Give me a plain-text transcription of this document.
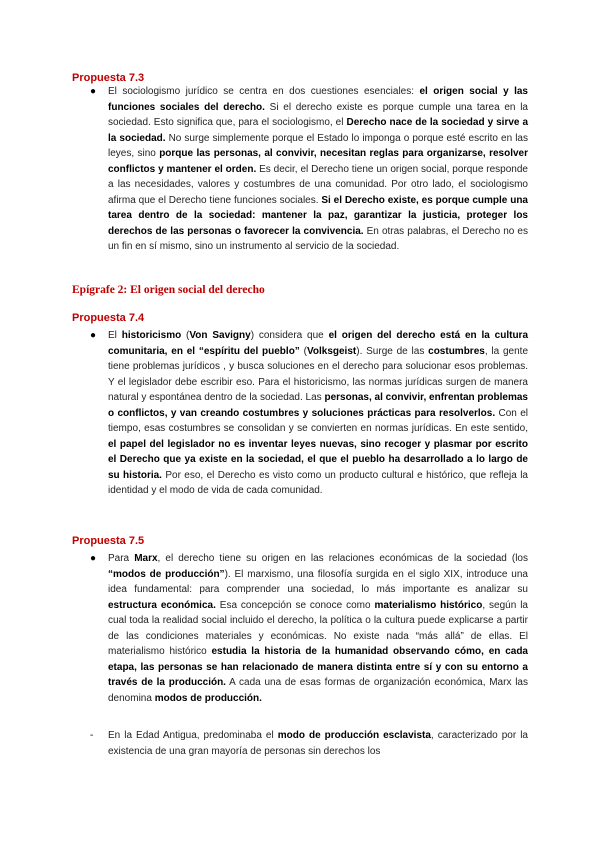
Propuesta 7.3
● El sociologismo jurídico se centra en dos cuestiones esenciales: el origen social y las funciones sociales del derecho. Si el derecho existe es porque cumple una tarea en la sociedad. Esto significa que, para el sociologismo, el Derecho nace de la sociedad y sirve a la sociedad. No surge simplemente porque el Estado lo imponga o porque esté escrito en las leyes, sino porque las personas, al convivir, necesitan reglas para organizarse, resolver conflictos y mantener el orden. Es decir, el Derecho tiene un origen social, porque responde a las necesidades, valores y costumbres de una comunidad. Por otro lado, el sociologismo afirma que el Derecho tiene funciones sociales. Si el Derecho existe, es porque cumple una tarea dentro de la sociedad: mantener la paz, garantizar la justicia, proteger los derechos de las personas o favorecer la convivencia. En otras palabras, el Derecho no es un fin en sí mismo, sino un instrumento al servicio de la sociedad.

Epígrafe 2: El origen social del derecho
Propuesta 7.4
● El historicismo (Von Savigny) considera que el origen del derecho está en la cultura comunitaria, en el “espíritu del pueblo” (Volksgeist). Surge de las costumbres, la gente tiene problemas jurídicos , y busca soluciones en el derecho para solucionar esos problemas. Y el legislador debe escribir eso. Para el historicismo, las normas jurídicas surgen de manera natural y espontánea dentro de la sociedad. Las personas, al convivir, enfrentan problemas o conflictos, y van creando costumbres y soluciones prácticas para resolverlos. Con el tiempo, esas costumbres se consolidan y se convierten en normas jurídicas. En este sentido, el papel del legislador no es inventar leyes nuevas, sino recoger y plasmar por escrito el Derecho que ya existe en la sociedad, el que el pueblo ha desarrollado a lo largo de su historia. Por eso, el Derecho es visto como un producto cultural e histórico, que refleja la identidad y el modo de vida de cada comunidad.

Propuesta 7.5
● Para Marx, el derecho tiene su origen en las relaciones económicas de la sociedad (los “modos de producción”). El marxismo, una filosofía surgida en el siglo XIX, introduce una idea fundamental: para comprender una sociedad, lo más importante es analizar su estructura económica. Esa concepción se conoce como materialismo histórico, según la cual toda la realidad social incluido el derecho, la política o la cultura puede explicarse a partir de las condiciones materiales y económicas. No existe nada “más allá” de ellas. El materialismo histórico estudia la historia de la humanidad observando cómo, en cada etapa, las personas se han relacionado de manera distinta entre sí y con su entorno a través de la producción. A cada una de esas formas de organización económica, Marx las denomina modos de producción.

- En la Edad Antigua, predominaba el modo de producción esclavista, caracterizado por la existencia de una gran mayoría de personas sin derechos los
